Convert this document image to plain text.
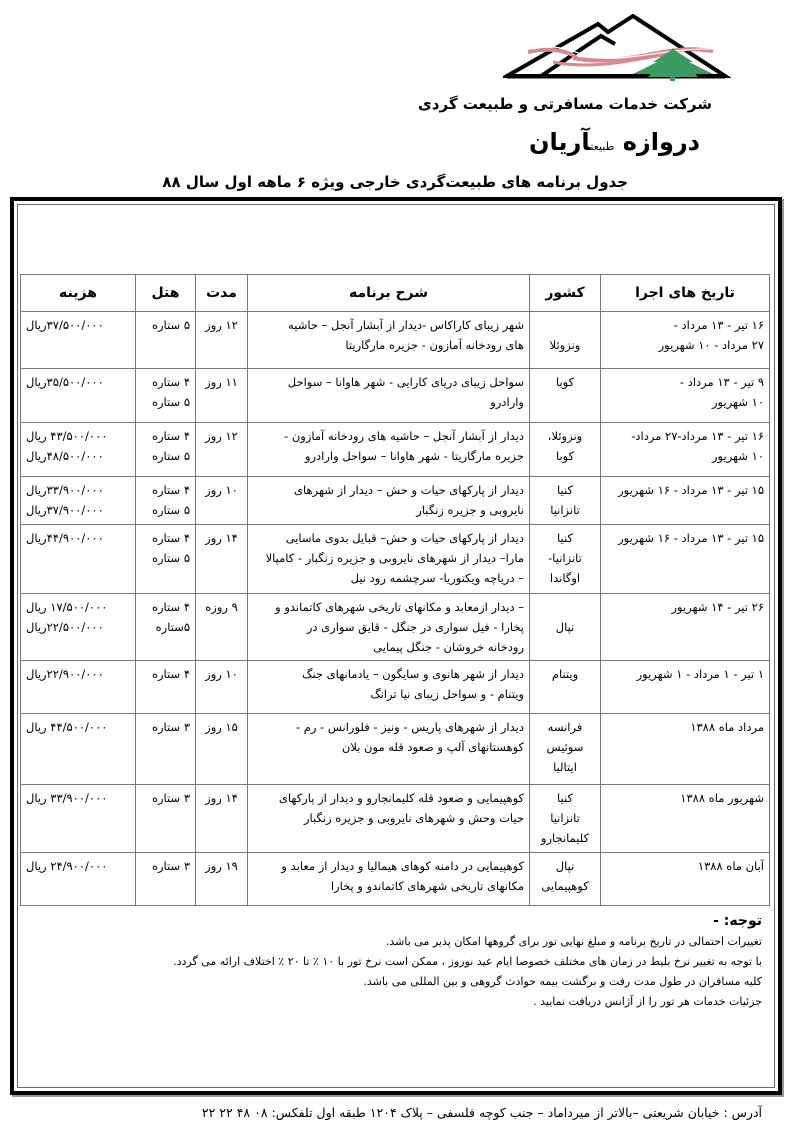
شرکت خدمات مسافرتی و طبیعت گردی
دروازه طبیعتآریان
جدول برنامه های طبیعت‌گردی خارجی ویژه ۶ ماهه اول سال ۸۸
تاریخ های اجرا	کشور	شرح برنامه	مدت	هتل	هزینه

۱۶ تیر - ۱۳ مرداد -
۲۷ مرداد - ۱۰ شهریور	ونزوئلا	شهر زیبای کاراکاس -دیدار از آبشار آنجل – حاشیه
های رودخانه آمازون - جزیره مارگاریتا	۱۲ روز	۵ ستاره	۳۷/۵۰۰/۰۰۰ریال

۹ تیر - ۱۳ مرداد -
۱۰ شهریور	کوبا	سواحل زیبای دریای کارایی - شهر هاوانا – سواحل
وارادرو	۱۱ روز	۴ ستاره
۵ ستاره	۳۵/۵۰۰/۰۰۰ریال

۱۶ تیر - ۱۳ مرداد-۲۷ مرداد-
۱۰ شهریور	ونزوئلا،
کوبا	دیدار از آبشار آنجل – حاشیه های رودخانه آمازون -
جزیره مارگاریتا - شهر هاوانا – سواحل وارادرو	۱۲ روز	۴ ستاره
۵ ستاره	۴۳/۵۰۰/۰۰۰ ریال
۴۸/۵۰۰/۰۰۰ریال

۱۵ تیر - ۱۳ مرداد - ۱۶ شهریور	کنیا
تانزانیا	دیدار از پارکهای حیات و حش – دیدار از شهرهای
نایروبی و جزیره زنگبار	۱۰ روز	۴ ستاره
۵ ستاره	۳۳/۹۰۰/۰۰۰ریال
۳۷/۹۰۰/۰۰۰ریال

۱۵ تیر - ۱۳ مرداد - ۱۶ شهریور	کنیا
تانزانیا-
اوگاندا	دیدار از پارکهای حیات و حش– قبایل بدوی ماسایی
مارا– دیدار از شهرهای نایروبی و جزیره زنگبار - کامپالا
– دریاچه ویکتوریا- سرچشمه رود نیل	۱۴ روز	۴ ستاره
۵ ستاره	۴۴/۹۰۰/۰۰۰ریال

۲۶ تیر - ۱۴ شهریور	نپال	– دیدار ازمعابد و مکانهای تاریخی شهرهای کاتماندو و
پخارا - فیل سواری در جنگل - قایق سواری در
رودخانه خروشان - جنگل پیمایی	۹ روزه	۴ ستاره
۵ستاره	۱۷/۵۰۰/۰۰۰ ریال
۲۲/۵۰۰/۰۰۰ریال

۱ تیر - ۱ مرداد - ۱ شهریور	ویتنام	دیدار از شهر هانوی و سایگون – یادمانهای جنگ
ویتنام - و سواحل زیبای نیا ترانگ	۱۰ روز	۴ ستاره	۲۲/۹۰۰/۰۰۰ریال

مرداد ماه ۱۳۸۸	فرانسه
سوئیس
ایتالیا	دیدار از شهرهای پاریس - ونیز - فلورانس - رم -
کوهستانهای آلپ و صعود قله مون بلان	۱۵ روز	۳ ستاره	۴۴/۵۰۰/۰۰۰ ریال

شهریور ماه ۱۳۸۸	کنیا
تانزانیا
کلیمانجارو	کوهپیمایی و صعود قله کلیمانجارو و دیدار از پارکهای
حیات وحش و شهرهای نایروبی و جزیره زنگبار	۱۴ روز	۳ ستاره	۳۳/۹۰۰/۰۰۰ ریال

آبان ماه ۱۳۸۸	نپال
کوهپیمایی	کوهپیمایی در دامنه کوهای هیمالیا و دیدار از معابد و
مکانهای تاریخی شهرهای کاتماندو و پخارا	۱۹ روز	۳ ستاره	۲۴/۹۰۰/۰۰۰ ریال
توجه: -
تغییرات احتمالی در تاریخ برنامه و مبلغ نهایی تور برای گروهها امکان پذیر می باشد.
با توجه به تغییر نرخ بلیط در زمان های مختلف خصوصا ایام عید نوروز ، ممکن است نرخ تور با ۱۰ ٪ تا ۲۰ ٪ اختلاف ارائه می گردد.
کلیه مسافران در طول مدت رفت و برگشت بیمه حوادث گروهی و بین المللی می باشد.
جزئیات خدمات هر تور را از آژانس دریافت نمایید .
آدرس : خیابان شریعتی –بالاتر از میرداماد – جنب کوچه فلسفی – پلاک ۱۲۰۴ طبقه اول تلفکس: ۰۸ ۴۸ ۲۲ ۲۲
